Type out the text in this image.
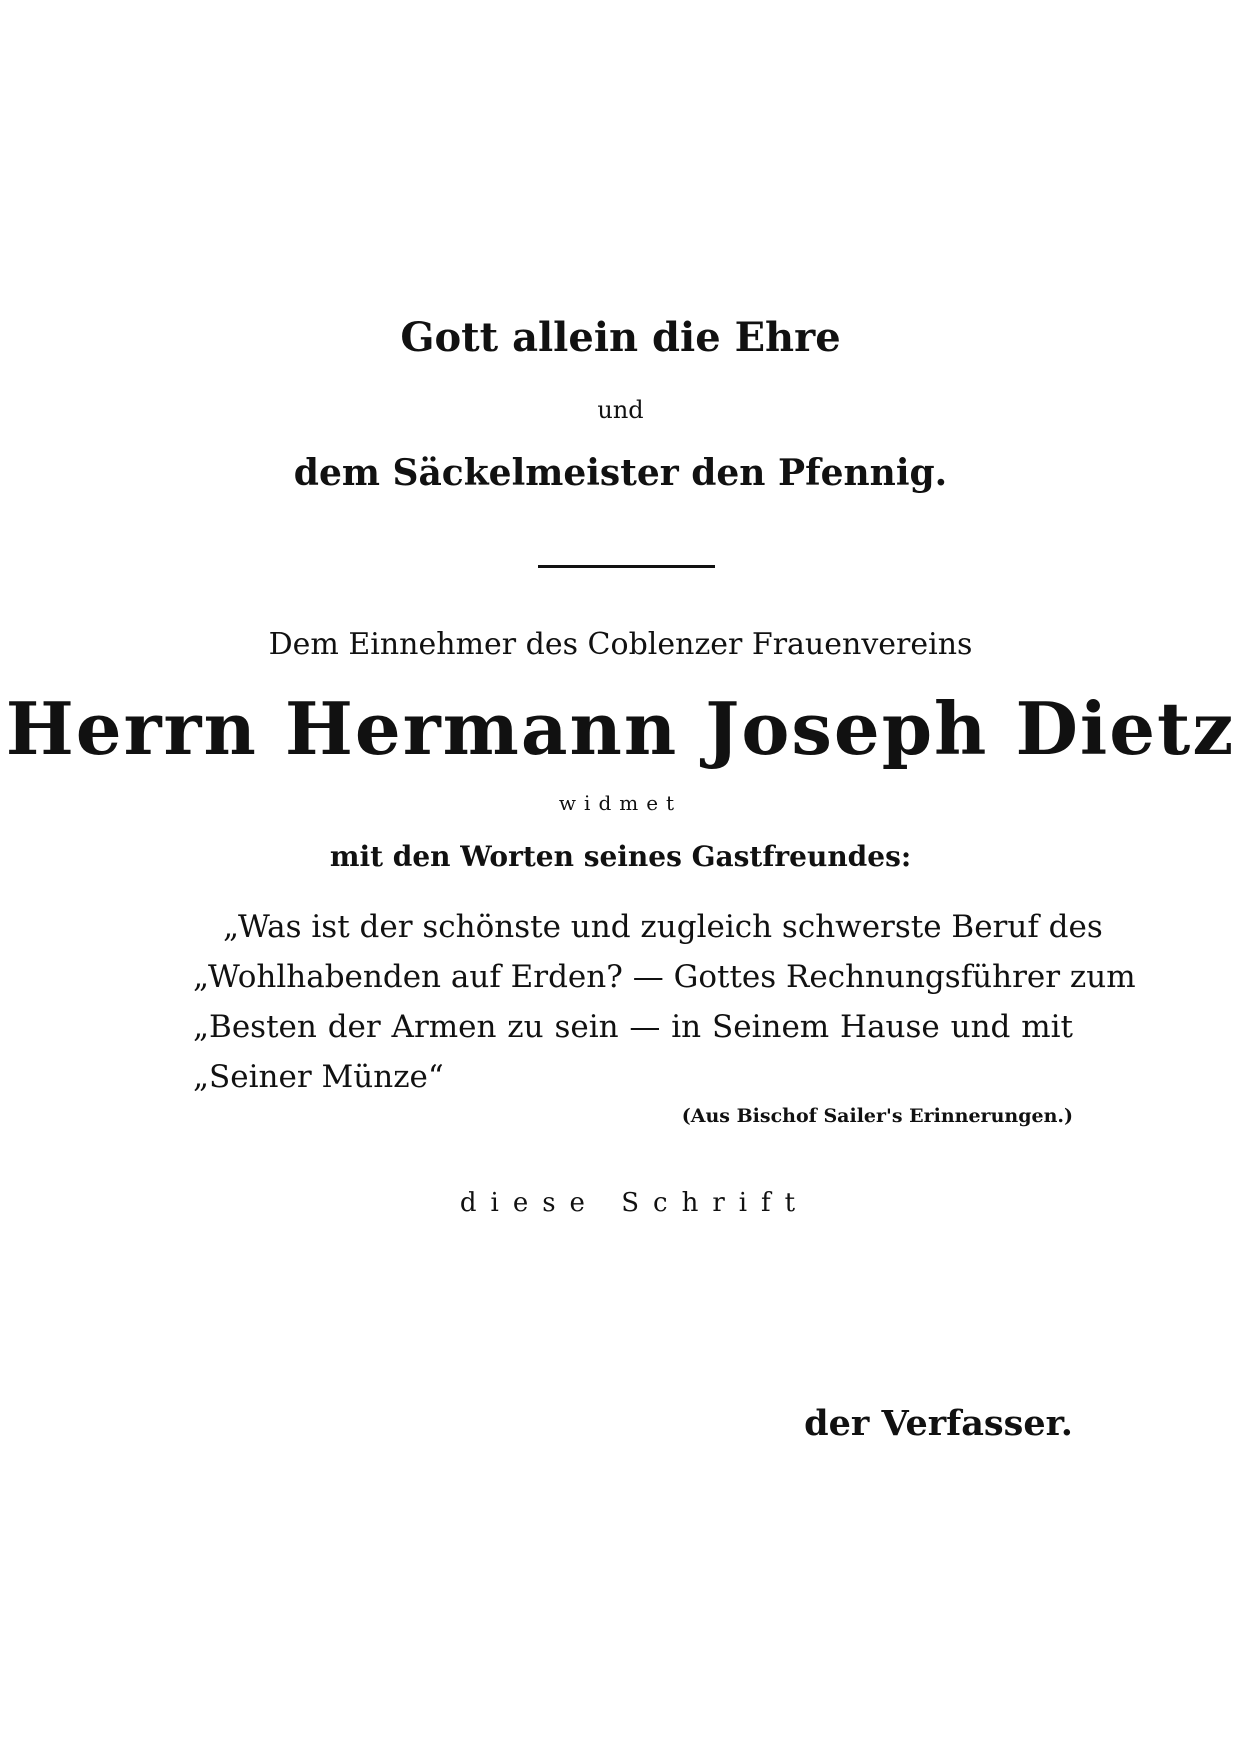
Gott allein die Ehre
und
dem Säckelmeister den Pfennig.
Dem Einnehmer des Coblenzer Frauenvereins
Herrn Hermann Joseph Dietz
widmet
mit den Worten seines Gastfreundes:
„Was ist der schönste und zugleich schwerste Beruf des
„Wohlhabenden auf Erden? — Gottes Rechnungsführer zum
„Besten der Armen zu sein — in Seinem Hause und mit
„Seiner Münze“
(Aus Bischof Sailer's Erinnerungen.)
diese Schrift
der Verfasser.
